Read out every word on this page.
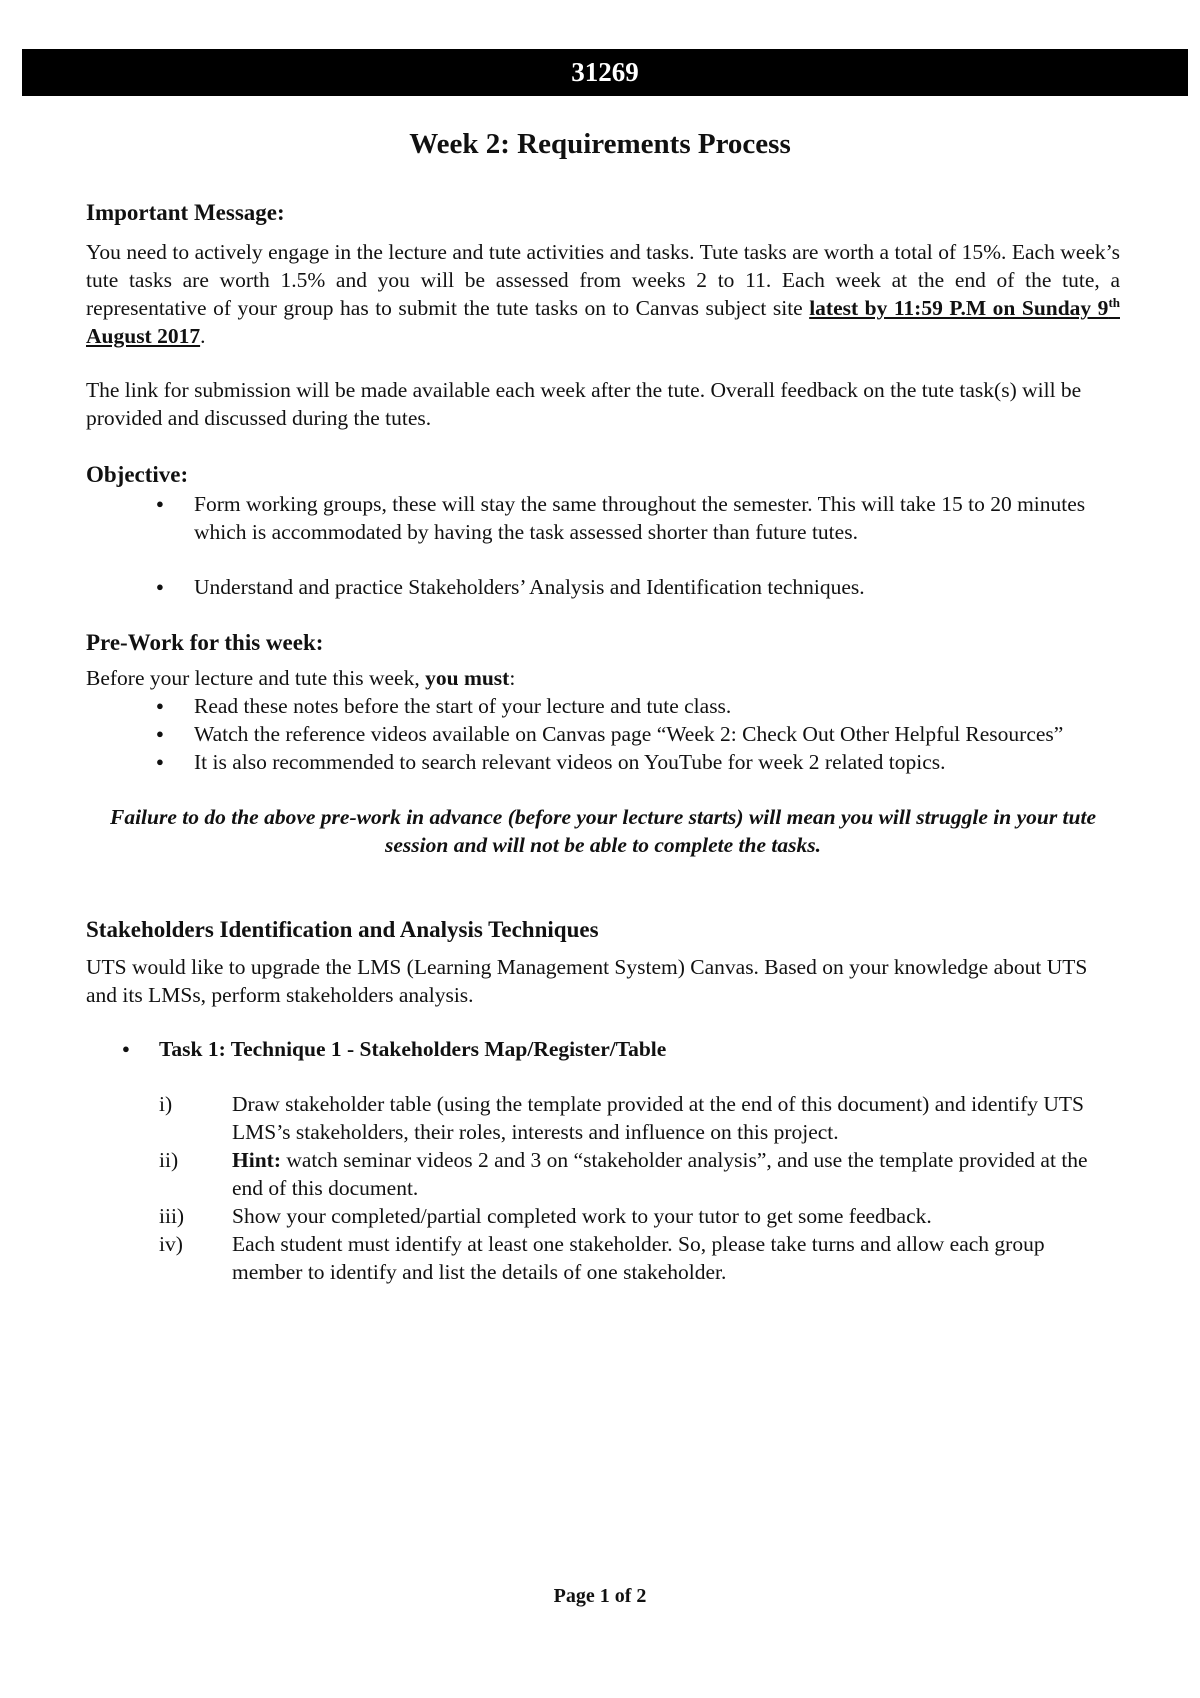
31269
Week 2: Requirements Process
Important Message:

You need to actively engage in the lecture and tute activities and tasks. Tute tasks are worth a total of 15%. Each week’s tute tasks are worth 1.5% and you will be assessed from weeks 2 to 11. Each week at the end of the tute, a representative of your group has to submit the tute tasks on to Canvas subject site latest by 11:59 P.M on Sunday 9th August 2017.

The link for submission will be made available each week after the tute. Overall feedback on the tute task(s) will be provided and discussed during the tutes.

Objective:
● Form working groups, these will stay the same throughout the semester. This will take 15 to 20 minutes which is accommodated by having the task assessed shorter than future tutes.
● Understand and practice Stakeholders’ Analysis and Identification techniques.
Pre-Work for this week:

Before your lecture and tute this week, you must:

● Read these notes before the start of your lecture and tute class.
● Watch the reference videos available on Canvas page “Week 2: Check Out Other Helpful Resources”
● It is also recommended to search relevant videos on YouTube for week 2 related topics.

Failure to do the above pre-work in advance (before your lecture starts) will mean you will struggle in your tute session and will not be able to complete the tasks.

Stakeholders Identification and Analysis Techniques

UTS would like to upgrade the LMS (Learning Management System) Canvas. Based on your knowledge about UTS and its LMSs, perform stakeholders analysis.

● Task 1: Technique 1 - Stakeholders Map/Register/Table
i)	Draw stakeholder table (using the template provided at the end of this document) and identify UTS LMS’s stakeholders, their roles, interests and influence on this project.
ii)	Hint: watch seminar videos 2 and 3 on “stakeholder analysis”, and use the template provided at the end of this document.
iii)	Show your completed/partial completed work to your tutor to get some feedback.
iv)	Each student must identify at least one stakeholder. So, please take turns and allow each group member to identify and list the details of one stakeholder.
Page 1 of 2
